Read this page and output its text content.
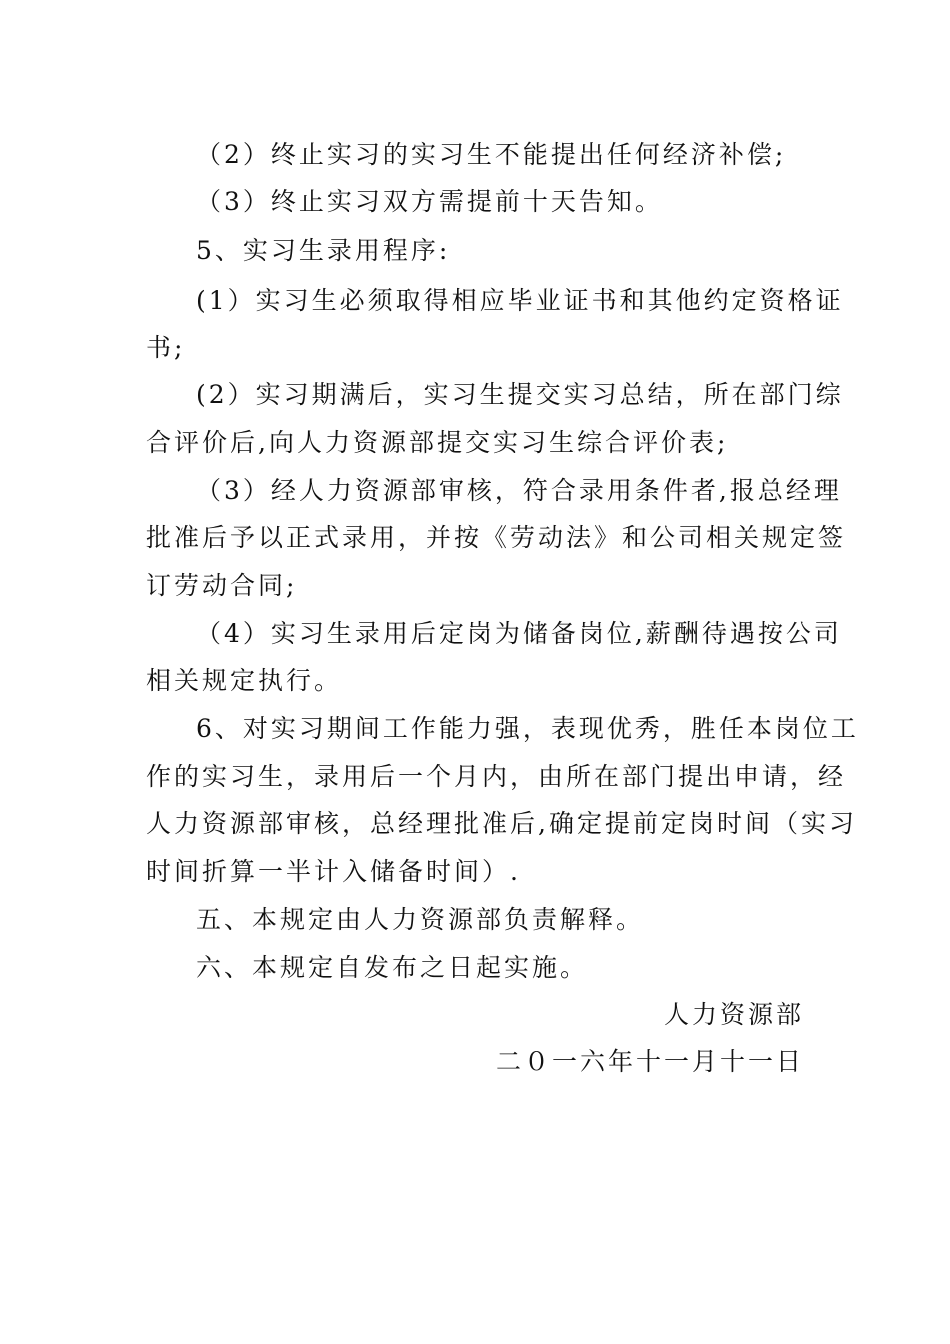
（2）终止实习的实习生不能提出任何经济补偿;
（3）终止实习双方需提前十天告知。
5、实习生录用程序:
(1）实习生必须取得相应毕业证书和其他约定资格证
书;
(2）实习期满后，实习生提交实习总结，所在部门综
合评价后,向人力资源部提交实习生综合评价表;
（3）经人力资源部审核，符合录用条件者,报总经理
批准后予以正式录用，并按《劳动法》和公司相关规定签
订劳动合同;
（4）实习生录用后定岗为储备岗位,薪酬待遇按公司
相关规定执行。
6、对实习期间工作能力强，表现优秀，胜任本岗位工
作的实习生，录用后一个月内，由所在部门提出申请，经
人力资源部审核，总经理批准后,确定提前定岗时间（实习
时间折算一半计入储备时间）.
五、本规定由人力资源部负责解释。
六、本规定自发布之日起实施。
人力资源部
二０一六年十一月十一日
